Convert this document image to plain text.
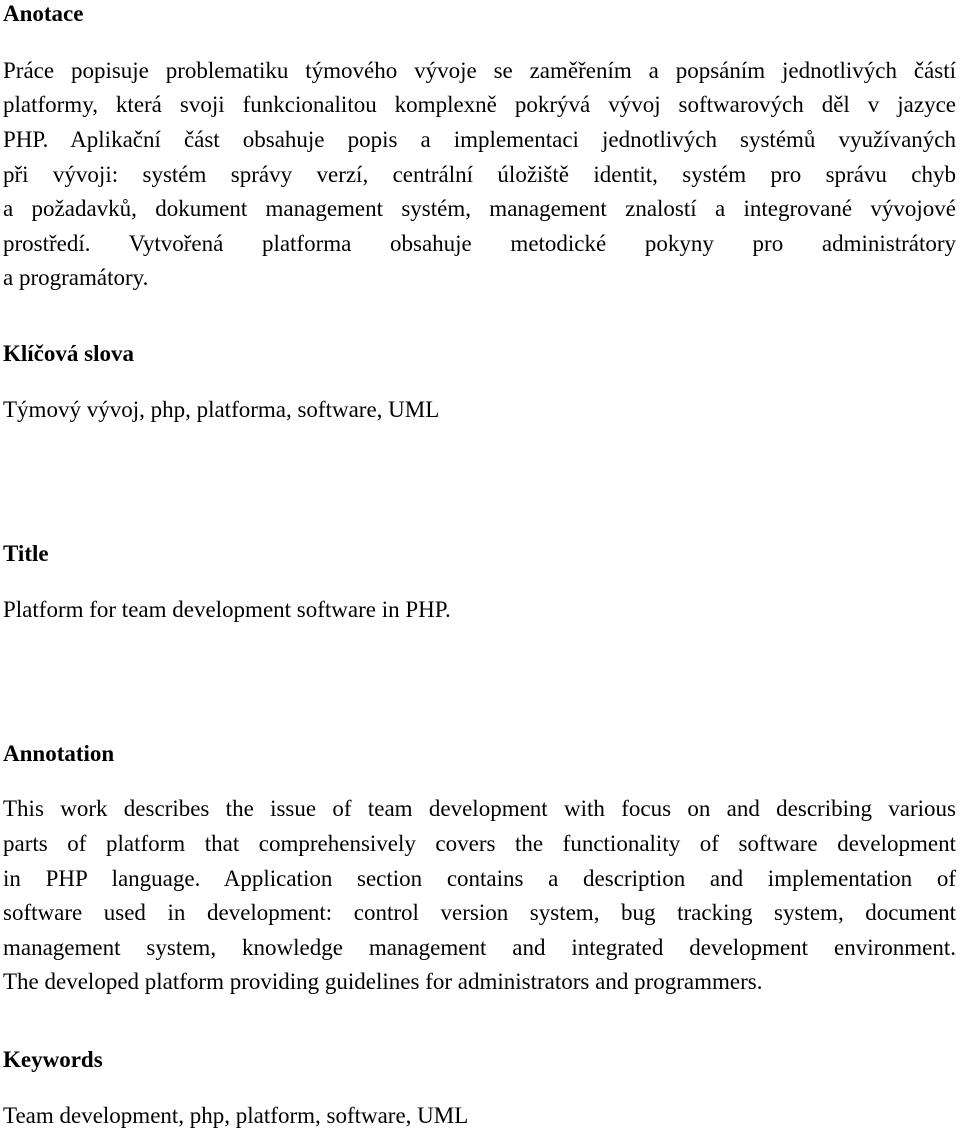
Anotace

Práce popisuje problematiku týmového vývoje se zaměřením a popsáním jednotlivých částí

platformy, která svoji funkcionalitou komplexně pokrývá vývoj softwarových děl v jazyce

PHP. Aplikační část obsahuje popis a implementaci jednotlivých systémů využívaných

při vývoji: systém správy verzí, centrální úložiště identit, systém pro správu chyb

a požadavků, dokument management systém, management znalostí a integrované vývojové

prostředí. Vytvořená platforma obsahuje metodické pokyny pro administrátory

a programátory.

Klíčová slova

Týmový vývoj, php, platforma, software, UML

Title

Platform for team development software in PHP.

Annotation

This work describes the issue of team development with focus on and describing various

parts of platform that comprehensively covers the functionality of software development

in PHP language. Application section contains a description and implementation of

software used in development: control version system, bug tracking system, document

management system, knowledge management and integrated development environment.

The developed platform providing guidelines for administrators and programmers.

Keywords

Team development, php, platform, software, UML
